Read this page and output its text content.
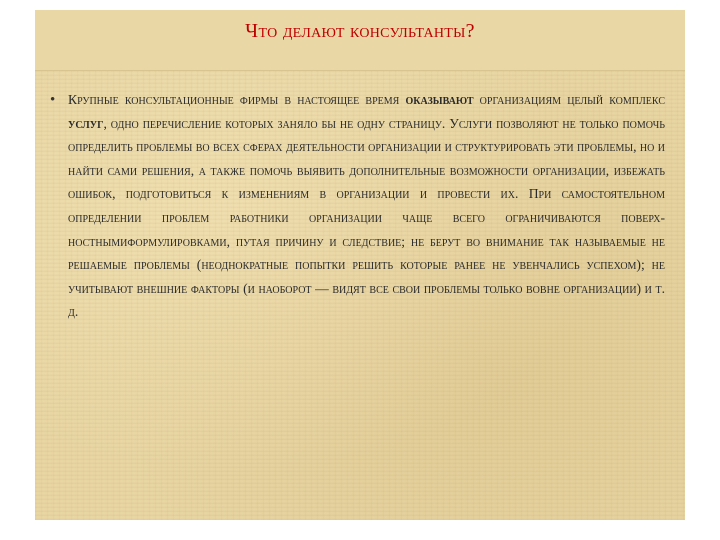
Что делают консультанты?
• Крупные консультационные фирмы в настоящее время оказывают организациям целый комплекс услуг, одно перечисление которых заняло бы не одну страницу. Услуги позволяют не только помочь определить проблемы во всех сферах деятельности организации и структурировать эти проблемы, но и найти сами решения, а также помочь выявить дополнительные возможности организации, избежать ошибок, подготовиться к изменениям в организации и провести их. При самостоятельном определении проблем работники организации чаще всего ограничиваются поверх-ностнымиформулировками, путая причину и следствие; не берут во внимание так называемые не решаемые проблемы (неоднократные попытки решить которые ранее не увенчались успехом); не учитывают внешние факторы (и наоборот — видят все свои проблемы только вовне организации) и т. д.
